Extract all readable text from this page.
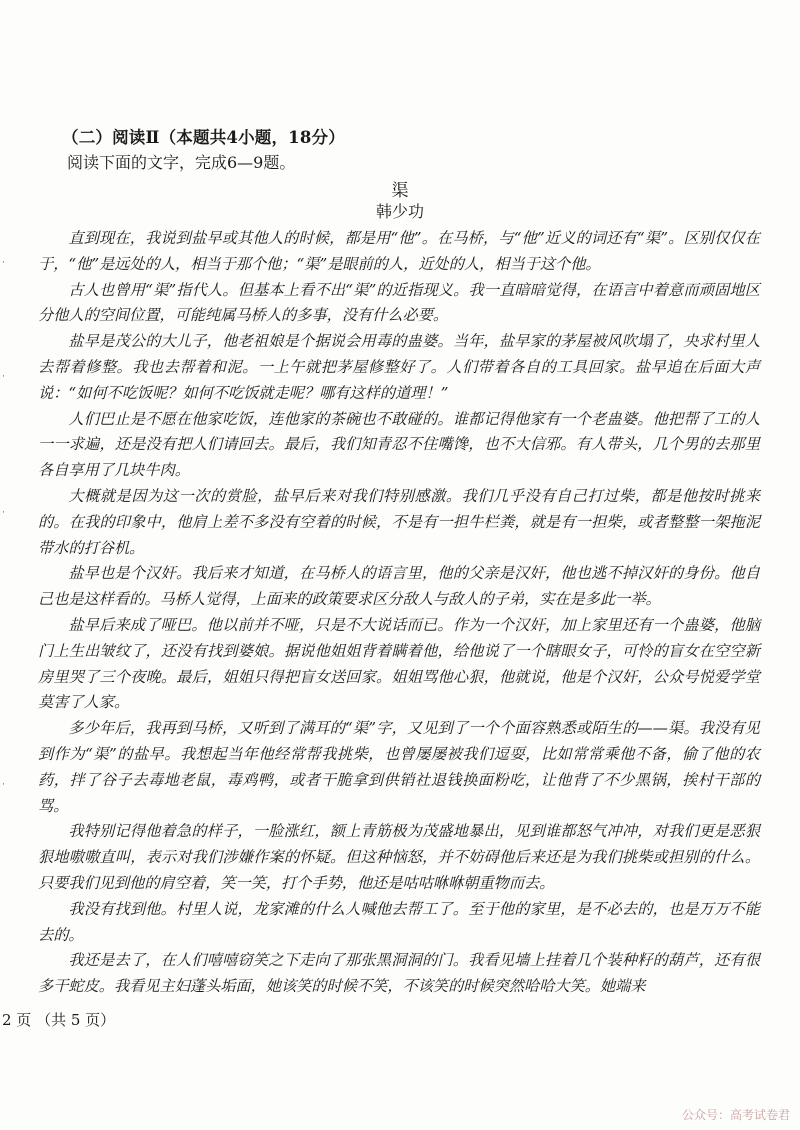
（二）阅读Ⅱ（本题共4小题，18分）
阅读下面的文字，完成6—9题。
渠
韩少功

直到现在，我说到盐早或其他人的时候，都是用“他”。在马桥，与“他”近义的词还有“渠”。区别仅仅在于，“他”是远处的人，相当于那个他；“渠”是眼前的人，近处的人，相当于这个他。

古人也曾用“渠”指代人。但基本上看不出“渠”的近指现义。我一直暗暗觉得，在语言中着意而顽固地区分他人的空间位置，可能纯属马桥人的多事，没有什么必要。

盐早是茂公的大儿子，他老祖娘是个据说会用毒的蛊婆。当年，盐早家的茅屋被风吹塌了，央求村里人去帮着修整。我也去帮着和泥。一上午就把茅屋修整好了。人们带着各自的工具回家。盐早追在后面大声说：“如何不吃饭呢？如何不吃饭就走呢？哪有这样的道理！”

人们巴止是不愿在他家吃饭，连他家的茶碗也不敢碰的。谁都记得他家有一个老蛊婆。他把帮了工的人一一求遍，还是没有把人们请回去。最后，我们知青忍不住嘴馋，也不大信邪。有人带头，几个男的去那里各自享用了几块牛肉。

大概就是因为这一次的赏脸，盐早后来对我们特别感激。我们几乎没有自己打过柴，都是他按时挑来的。在我的印象中，他肩上差不多没有空着的时候，不是有一担牛栏粪，就是有一担柴，或者整整一架拖泥带水的打谷机。

盐早也是个汉奸。我后来才知道，在马桥人的语言里，他的父亲是汉奸，他也逃不掉汉奸的身份。他自己也是这样看的。马桥人觉得，上面来的政策要求区分敌人与敌人的子弟，实在是多此一举。

盐早后来成了哑巴。他以前并不哑，只是不大说话而已。作为一个汉奸，加上家里还有一个蛊婆，他脑门上生出皱纹了，还没有找到婆娘。据说他姐姐背着瞒着他，给他说了一个瞎眼女子，可怜的盲女在空空新房里哭了三个夜晚。最后，姐姐只得把盲女送回家。姐姐骂他心狠，他就说，他是个汉奸，公众号悦爱学堂 莫害了人家。

多少年后，我再到马桥，又听到了满耳的“渠”字，又见到了一个个面容熟悉或陌生的——渠。我没有见到作为“渠”的盐早。我想起当年他经常帮我挑柴，也曾屡屡被我们逗耍，比如常常乘他不备，偷了他的农药，拌了谷子去毒地老鼠，毒鸡鸭，或者干脆拿到供销社退钱换面粉吃，让他背了不少黑锅，挨村干部的骂。

我特别记得他着急的样子，一脸涨红，额上青筋极为茂盛地暴出，见到谁都怒气冲冲，对我们更是恶狠狠地嗷嗷直叫，表示对我们涉嫌作案的怀疑。但这种恼怒，并不妨碍他后来还是为我们挑柴或担别的什么。只要我们见到他的肩空着，笑一笑，打个手势，他还是咕咕咻咻朝重物而去。

我没有找到他。村里人说，龙家滩的什么人喊他去帮工了。至于他的家里，是不必去的，也是万万不能去的。

我还是去了，在人们嘻嘻窃笑之下走向了那张黑洞洞的门。我看见墙上挂着几个装种籽的葫芦，还有很多干蛇皮。我看见主妇蓬头垢面，她该笑的时候不笑，不该笑的时候突然哈哈大笑。她端来

2 页 （共 5 页）
公众号：高考试卷君
·
·
·
·
